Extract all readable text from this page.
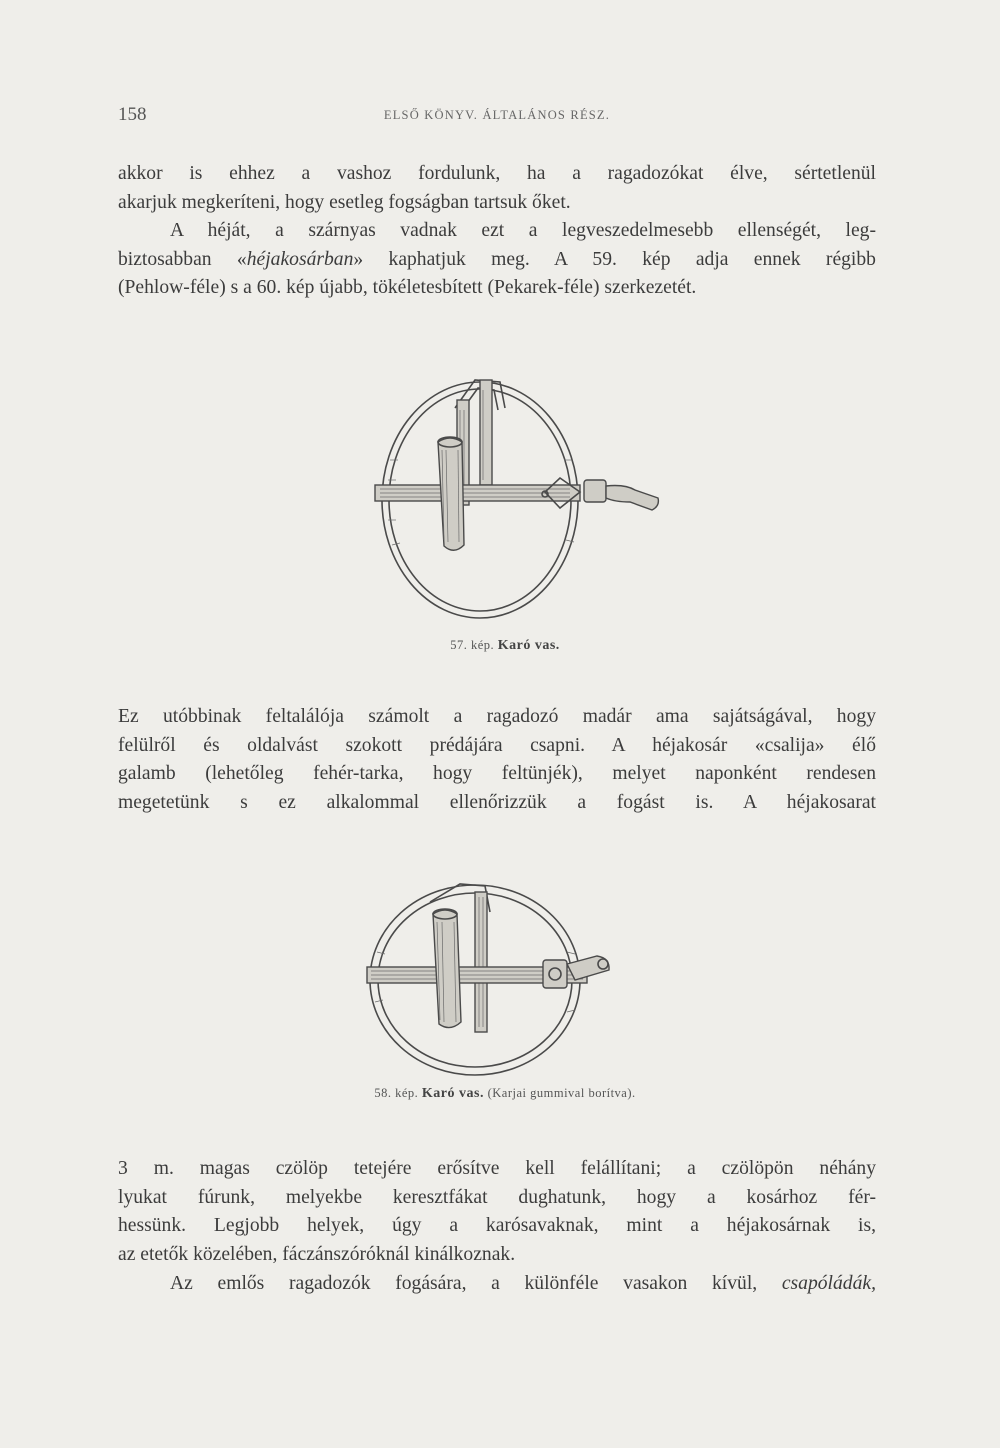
158	ELSŐ KÖNYV. ÁLTALÁNOS RÉSZ.
akkor is ehhez a vashoz fordulunk, ha a ragadozókat élve, sértetlenül
akarjuk megkeríteni, hogy esetleg fogságban tartsuk őket.
A héját, a szárnyas vadnak ezt a legveszedelmesebb ellenségét, leg-
biztosabban «héjakosárban» kaphatjuk meg. A 59. kép adja ennek régibb
(Pehlow-féle) s a 60. kép újabb, tökéletesbített (Pekarek-féle) szerkezetét.
57. kép. Karó vas.
Ez utóbbinak feltalálója számolt a ragadozó madár ama sajátságával, hogy
felülről és oldalvást szokott prédájára csapni. A héjakosár «csalija» élő
galamb (lehetőleg fehér-tarka, hogy feltünjék), melyet naponként rendesen
megetetünk s ez alkalommal ellenőrizzük a fogást is. A héjakosarat
58. kép. Karó vas. (Karjai gummival borítva).
3 m. magas czölöp tetejére erősítve kell felállítani; a czölöpön néhány
lyukat fúrunk, melyekbe keresztfákat dughatunk, hogy a kosárhoz fér-
hessünk. Legjobb helyek, úgy a karósavaknak, mint a héjakosárnak is,
az etetők közelében, fáczánszóróknál kinálkoznak.
Az emlős ragadozók fogására, a különféle vasakon kívül, csapóládák,
